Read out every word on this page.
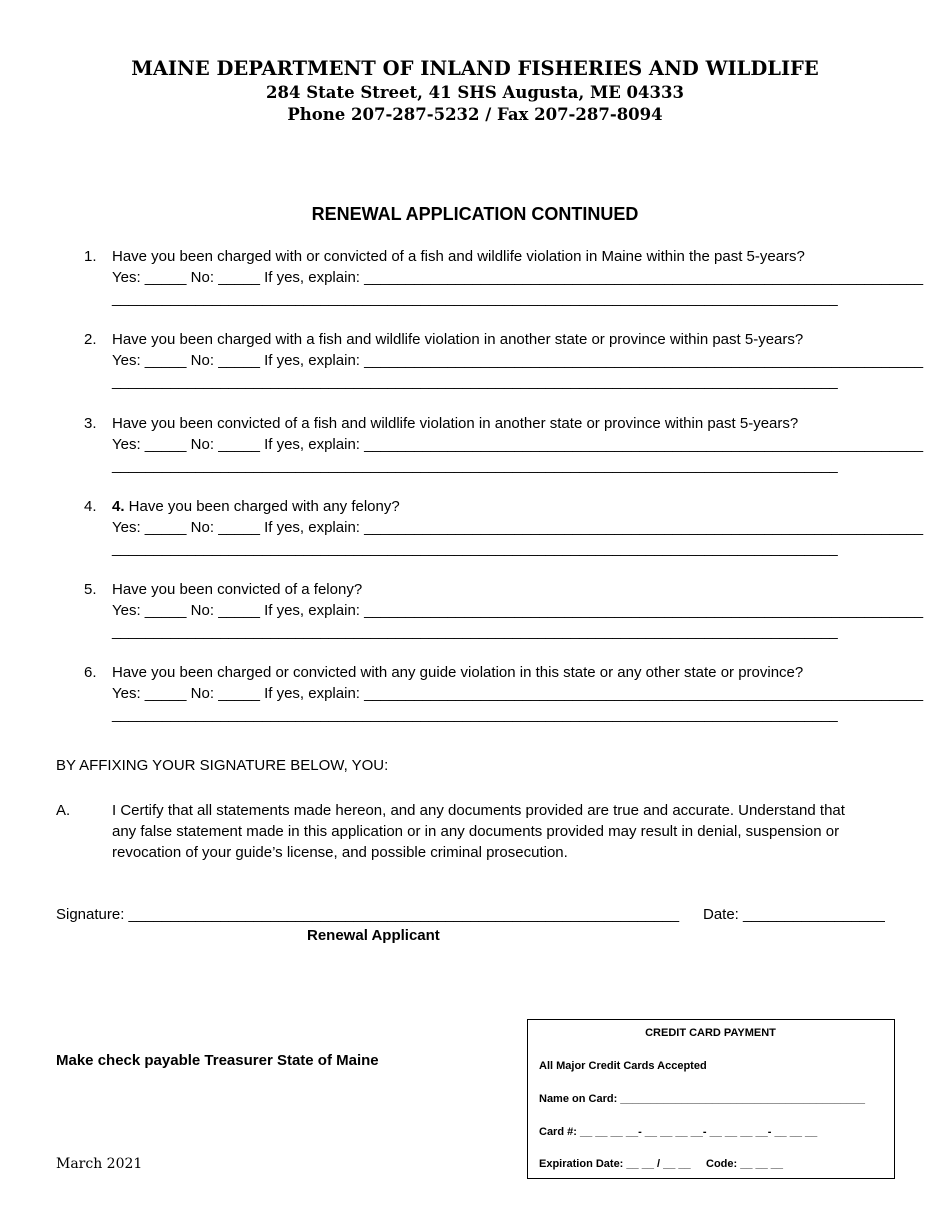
MAINE DEPARTMENT OF INLAND FISHERIES AND WILDLIFE
284 State Street, 41 SHS Augusta, ME 04333
Phone 207-287-5232 / Fax 207-287-8094
RENEWAL APPLICATION CONTINUED
1. Have you been charged with or convicted of a fish and wildlife violation in Maine within the past 5-years?
Yes: _____ No: _____ If yes, explain: ___________________________________________________________________
_______________________________________________________________________________________
2. Have you been charged with a fish and wildlife violation in another state or province within past 5-years?
Yes: _____ No: _____ If yes, explain: ___________________________________________________________________
_______________________________________________________________________________________
3. Have you been convicted of a fish and wildlife violation in another state or province within past 5-years?
Yes: _____ No: _____ If yes, explain: ___________________________________________________________________
_______________________________________________________________________________________
4. 4. Have you been charged with any felony?
Yes: _____ No: _____ If yes, explain: ___________________________________________________________________
_______________________________________________________________________________________
5. Have you been convicted of a felony?
Yes: _____ No: _____ If yes, explain: ___________________________________________________________________
_______________________________________________________________________________________
6. Have you been charged or convicted with any guide violation in this state or any other state or province?
Yes: _____ No: _____ If yes, explain: ___________________________________________________________________
_______________________________________________________________________________________
BY AFFIXING YOUR SIGNATURE BELOW, YOU:
A.	I Certify that all statements made hereon, and any documents provided are true and accurate. Understand that
any false statement made in this application or in any documents provided may result in denial, suspension or
revocation of your guide’s license, and possible criminal prosecution.
Signature: __________________________________________________________________ Date: _________________
Renewal Applicant
Make check payable Treasurer State of Maine
March 2021
CREDIT CARD PAYMENT
All Major Credit Cards Accepted
Name on Card: ________________________________________
Card #: __ __ __ __- __ __ __ __- __ __ __ __- __ __ __
Expiration Date: __ __ / __ __ Code: __ __ __
